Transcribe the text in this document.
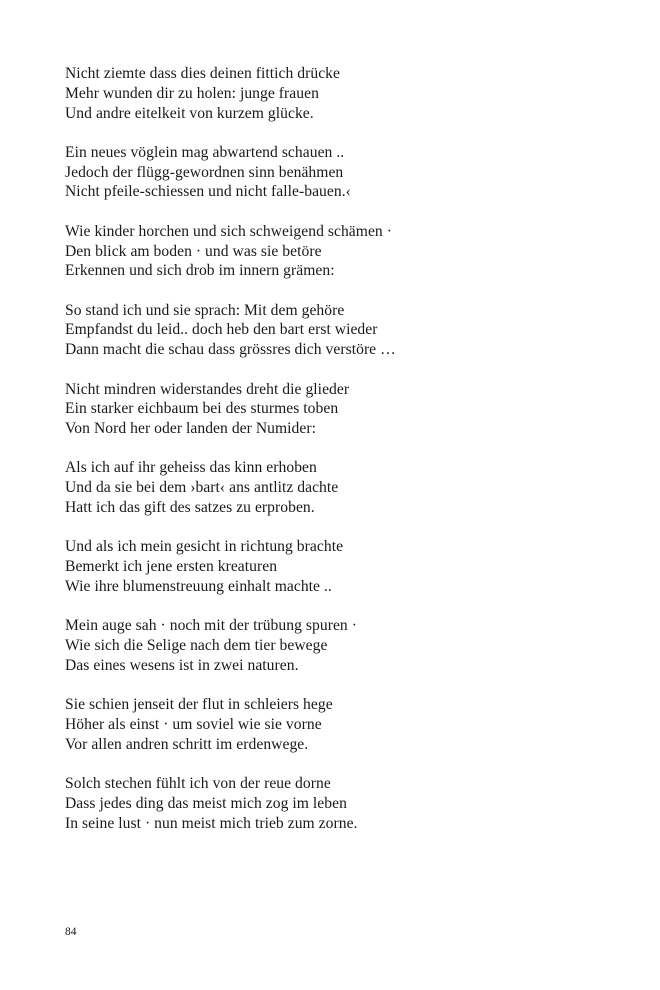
Nicht ziemte dass dies deinen fittich drücke
Mehr wunden dir zu holen: junge frauen
Und andre eitelkeit von kurzem glücke.
Ein neues vöglein mag abwartend schauen ..
Jedoch der flügg-gewordnen sinn benähmen
Nicht pfeile-schiessen und nicht falle-bauen.‹
Wie kinder horchen und sich schweigend schämen ·
Den blick am boden · und was sie betöre
Erkennen und sich drob im innern grämen:
So stand ich und sie sprach: Mit dem gehöre
Empfandst du leid.. doch heb den bart erst wieder
Dann macht die schau dass grössres dich verstöre …
Nicht mindren widerstandes dreht die glieder
Ein starker eichbaum bei des sturmes toben
Von Nord her oder landen der Numider:
Als ich auf ihr geheiss das kinn erhoben
Und da sie bei dem ›bart‹ ans antlitz dachte
Hatt ich das gift des satzes zu erproben.
Und als ich mein gesicht in richtung brachte
Bemerkt ich jene ersten kreaturen
Wie ihre blumenstreuung einhalt machte ..
Mein auge sah · noch mit der trübung spuren ·
Wie sich die Selige nach dem tier bewege
Das eines wesens ist in zwei naturen.
Sie schien jenseit der flut in schleiers hege
Höher als einst · um soviel wie sie vorne
Vor allen andren schritt im erdenwege.
Solch stechen fühlt ich von der reue dorne
Dass jedes ding das meist mich zog im leben
In seine lust · nun meist mich trieb zum zorne.
84
